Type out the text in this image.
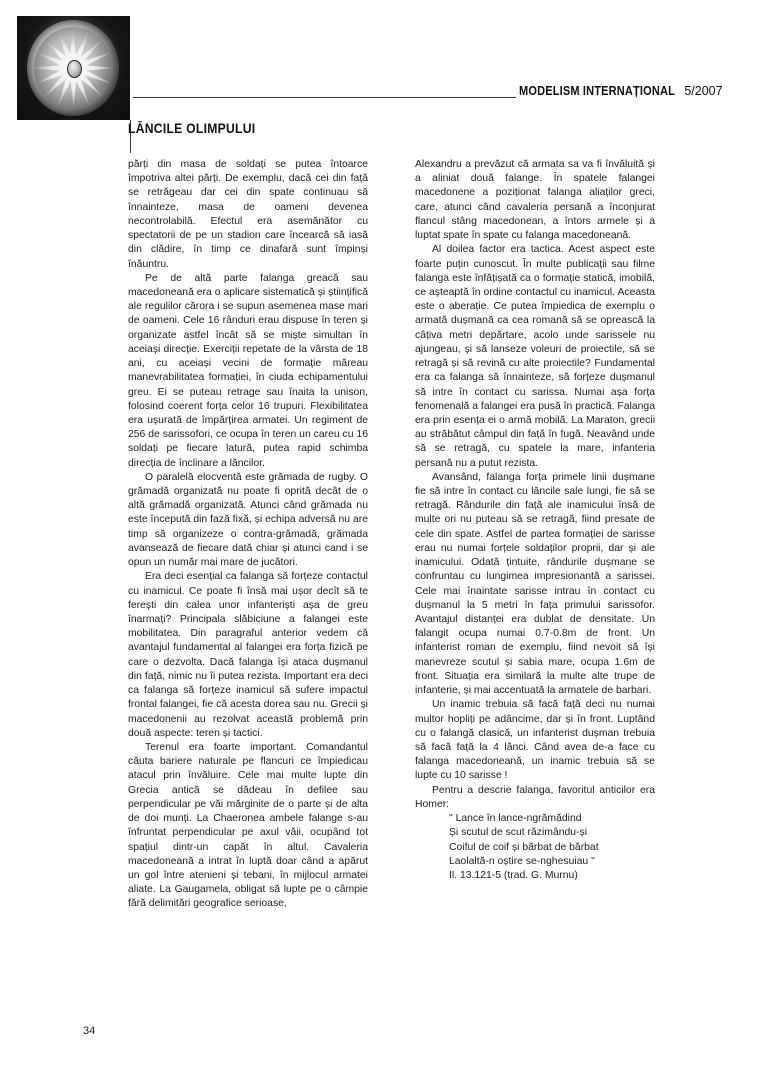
MODELISM INTERNAȚIONAL 5/2007
LĂNCILE OLIMPULUI

părți din masa de soldați se putea întoarce împotriva altei părți. De exemplu, dacă cei din față se retrăgeau dar cei din spate continuau să înnainteze, masa de oameni devenea necontrolabilă. Efectul era asemănător cu spectatorii de pe un stadion care încearcă să iasă din clădire, în timp ce dinafară sunt împinși înăuntru.

Pe de altă parte falanga greacă sau macedoneană era o aplicare sistematică și științifică ale regulilor cărora i se supun asemenea mase mari de oameni. Cele 16 rânduri erau dispuse în teren și organizate astfel încât să se miște simultan în aceiași direcție. Exerciții repetate de la vârsta de 18 ani, cu aceiași vecini de formație măreau manevrabilitatea formației, în ciuda echipamentului greu. Ei se puteau retrage sau înaita la unison, folosind coerent forța celor 16 trupuri. Flexibilitatea era ușurată de împărțirea armatei. Un regiment de 256 de sarissofori, ce ocupa în teren un careu cu 16 soldați pe fiecare latură, putea rapid schimba direcția de înclinare a lăncilor.

O paralelă elocventă este grămada de rugby. O grămadă organizată nu poate fi oprită decât de o altă grămadă organizată. Atunci când grămada nu este începută din fază fixă, și echipa adversă nu are timp să organizeze o contra-grămadă, grămada avansează de fiecare dată chiar și atunci cand i se opun un număr mai mare de jucători.

Era deci esențial ca falanga să forțeze contactul cu inamicul. Ce poate fi însă mai ușor decît să te ferești din calea unor infanteriști așa de greu înarmați? Principala slăbiciune a falangei este mobilitatea. Din paragraful anterior vedem că avantajul fundamental al falangei era forța fizică pe care o dezvolta. Dacă falanga își ataca dușmanul din față, nimic nu îi putea rezista. Important era deci ca falanga să forțeze inamicul să sufere impactul frontal falangei, fie că acesta dorea sau nu. Grecii și macedonenii au rezolvat această problemă prin două aspecte: teren și tactici.

Terenul era foarte important. Comandantul căuta bariere naturale pe flancuri ce împiedicau atacul prin învăluire. Cele mai multe lupte din Grecia antică se dădeau în defilee sau perpendicular pe văi mărginite de o parte și de alta de doi munți. La Chaeronea ambele falange s-au înfruntat perpendicular pe axul văii, ocupând tot spațiul dintr-un capăt în altul. Cavaleria macedoneană a intrat în luptă doar când a apărut un gol între atenieni și tebani, în mijlocul armatei aliate. La Gaugamela, obligat să lupte pe o câmpie fără delimitări geografice serioase,

Alexandru a prevăzut că armata sa va fi învăluită și a aliniat două falange. În spatele falangei macedonene a poziționat falanga aliaților greci, care, atunci când cavaleria persană a înconjurat flancul stâng macedonean, a întors armele și a luptat spate în spate cu falanga macedoneană.

Al doilea factor era tactica. Acest aspect este foarte puțin cunoscut. În multe publicații sau filme falanga este înfățișată ca o formație statică, imobilă, ce așteaptă în ordine contactul cu inamicul. Aceasta este o aberație. Ce putea împiedica de exemplu o armată dușmană ca cea romană să se oprească la câțiva metri depărtare, acolo unde sarissele nu ajungeau, și să lanseze voleuri de proiectile, să se retragă și să revină cu alte proiectile? Fundamental era ca falanga să înnainteze, să forțeze dușmanul să intre în contact cu sarissa. Numai așa forța fenomenală a falangei era pusă în practică. Falanga era prin esența ei o armă mobilă. La Maraton, grecii au străbătut câmpul din față în fugă. Neavând unde să se retragă, cu spatele la mare, infanteria persană nu a putut rezista.

Avansând, falanga forța primele linii dușmane fie să intre în contact cu lăncile sale lungi, fie să se retragă. Rândurile din față ale inamicului însă de multe ori nu puteau să se retragă, fiind presate de cele din spate. Astfel de partea formației de sarisse erau nu numai forțele soldaților proprii, dar și ale inamicului. Odată țintuite, rândurile dușmane se confruntau cu lungimea impresionantă a sarissei. Cele mai înaintate sarisse intrau în contact cu dușmanul la 5 metri în fața primului sarissofor. Avantajul distanței era dublat de densitate. Un falangit ocupa numai 0.7-0.8m de front. Un infanterist roman de exemplu, fiind nevoit să își manevreze scutul și sabia mare, ocupa 1.6m de front. Situația era similară la multe alte trupe de infanterie, și mai accentuată la armatele de barbari.

Un inamic trebuia să facă față deci nu numai multor hopliți pe adâncime, dar și în front. Luptând cu o falangă clasică, un infanterist dușman trebuia să facă față la 4 lănci. Când avea de-a face cu falanga macedoneană, un inamic trebuia să se lupte cu 10 sarisse !

Pentru a descrie falanga, favoritul anticilor era Homer:

" Lance în lance-ngrămădind

Și scutul de scut răzimându-și

Coiful de coif și bărbat de bărbat

Laolaltă-n oștire se-nghesuiau "

Il. 13.121-5 (trad. G. Murnu)

34
